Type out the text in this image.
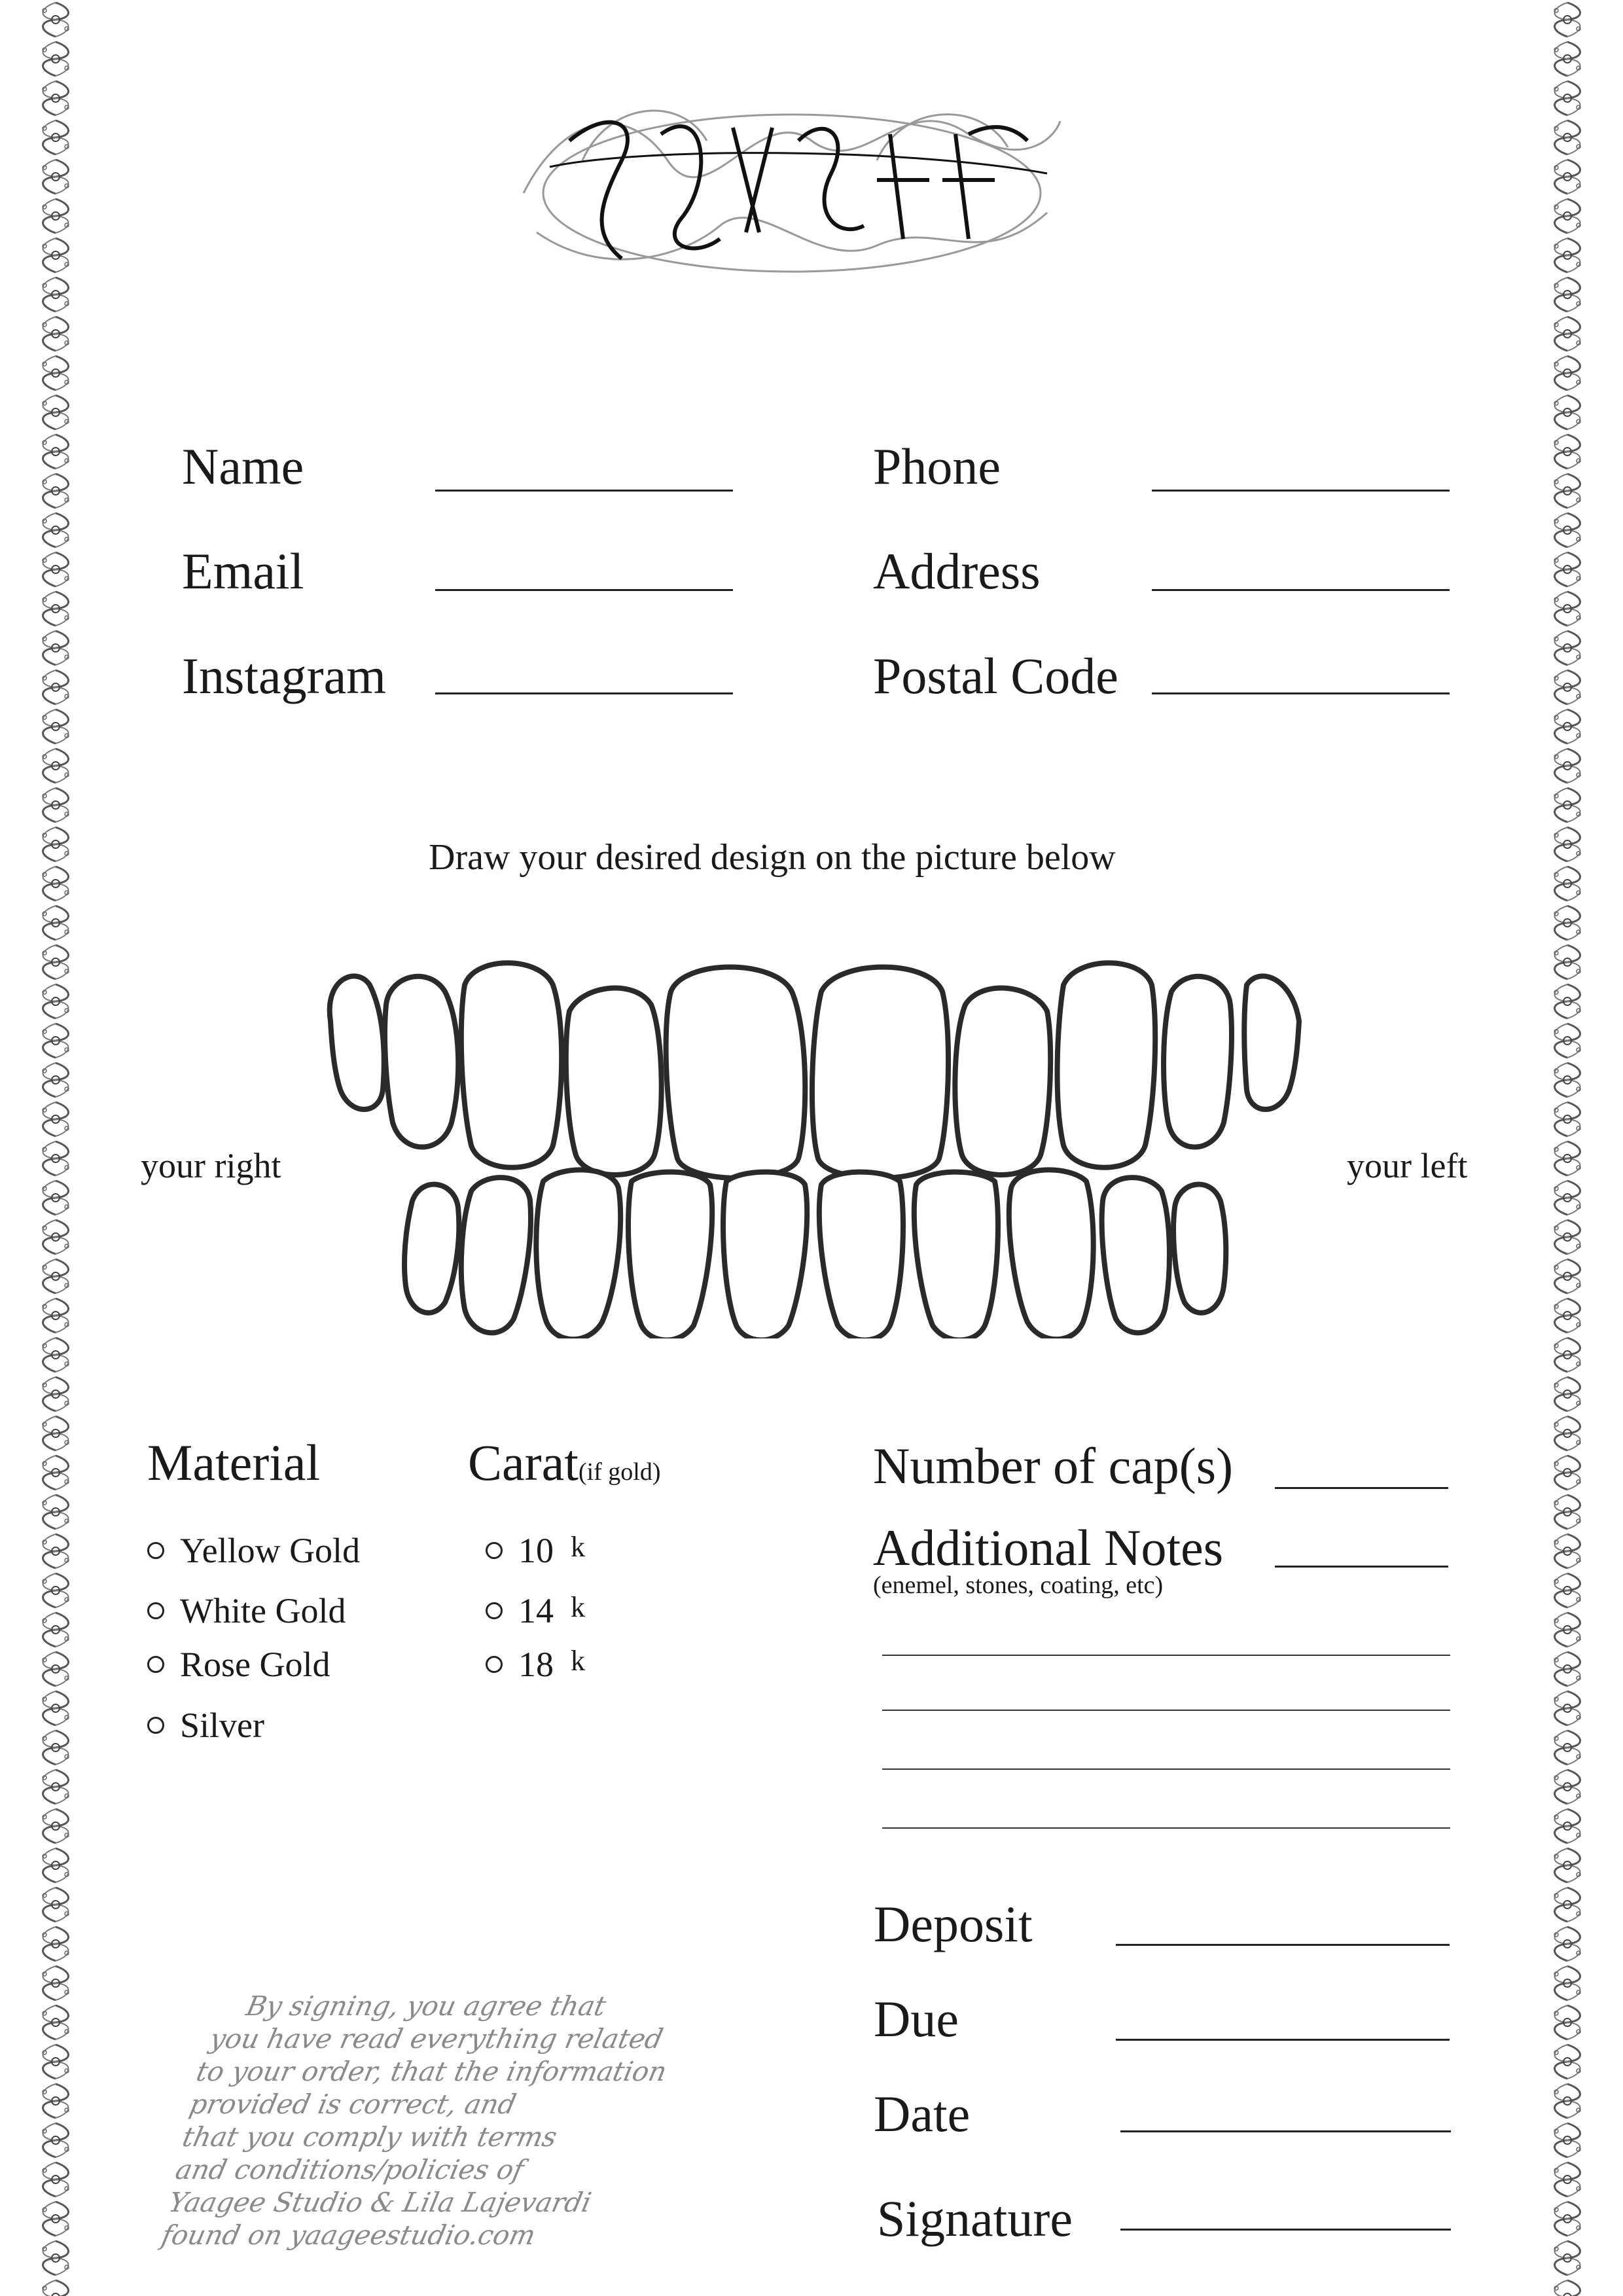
ZAYEEF
Name
Email
Instagram
Phone
Address
Postal Code
Draw your desired design on the picture below
your right	your left
Material
Yellow Gold
White Gold
Rose Gold
Silver
Carat(if gold)
10 k
14 k
18 k
Number of cap(s)
Additional Notes
(enemel, stones, coating, etc)
Deposit
Due
Date
Signature
By signing, you agree that
you have read everything related
to your order, that the information
provided is correct, and
that you comply with terms
and conditions/policies of
Yaagee Studio & Lila Lajevardi
found on yaageestudio.com
